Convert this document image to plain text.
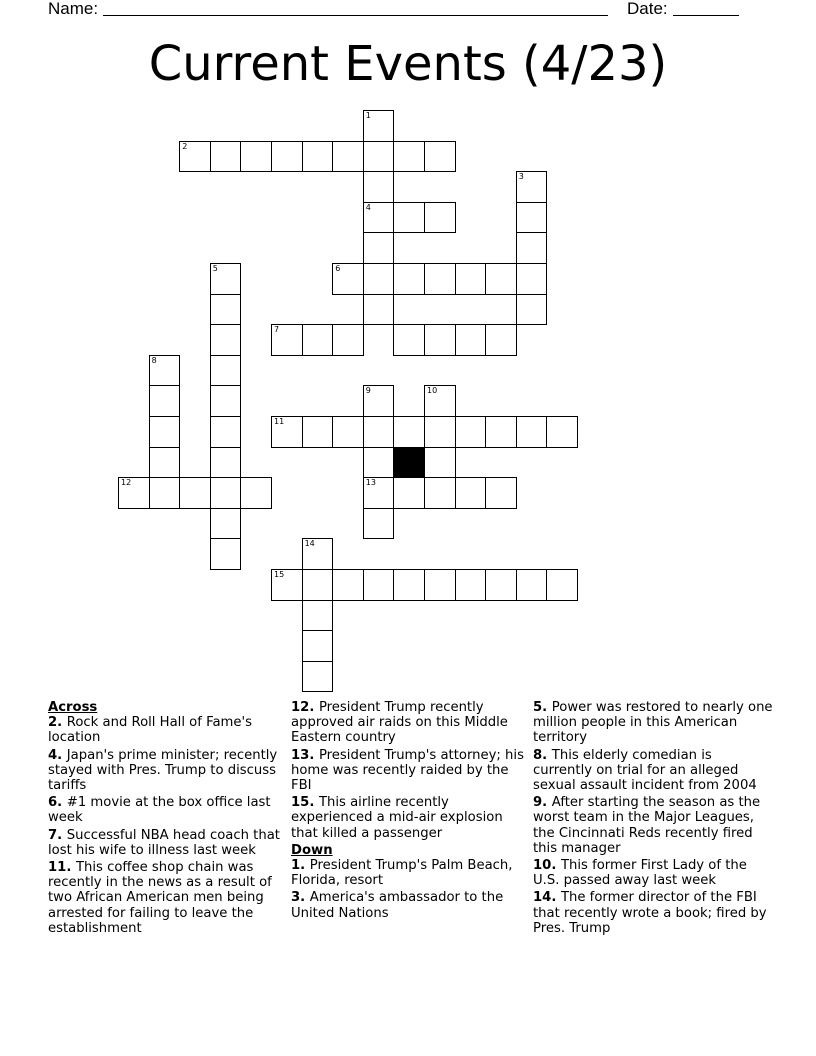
Name:	Date:
Current Events (4/23)
1
4
2
3
6
5
7
8
9
13
10
11
12
14
15
Across
2. Rock and Roll Hall of Fame's location
4. Japan's prime minister; recently stayed with Pres. Trump to discuss tariffs
6. #1 movie at the box office last week
7. Successful NBA head coach that lost his wife to illness last week
11. This coffee shop chain was recently in the news as a result of two African American men being arrested for failing to leave the establishment
12. President Trump recently approved air raids on this Middle Eastern country
13. President Trump's attorney; his home was recently raided by the FBI
15. This airline recently experienced a mid-air explosion that killed a passenger
Down
1. President Trump's Palm Beach, Florida, resort
3. America's ambassador to the United Nations
5. Power was restored to nearly one million people in this American territory
8. This elderly comedian is currently on trial for an alleged sexual assault incident from 2004
9. After starting the season as the worst team in the Major Leagues, the Cincinnati Reds recently fired this manager
10. This former First Lady of the U.S. passed away last week
14. The former director of the FBI that recently wrote a book; fired by Pres. Trump
